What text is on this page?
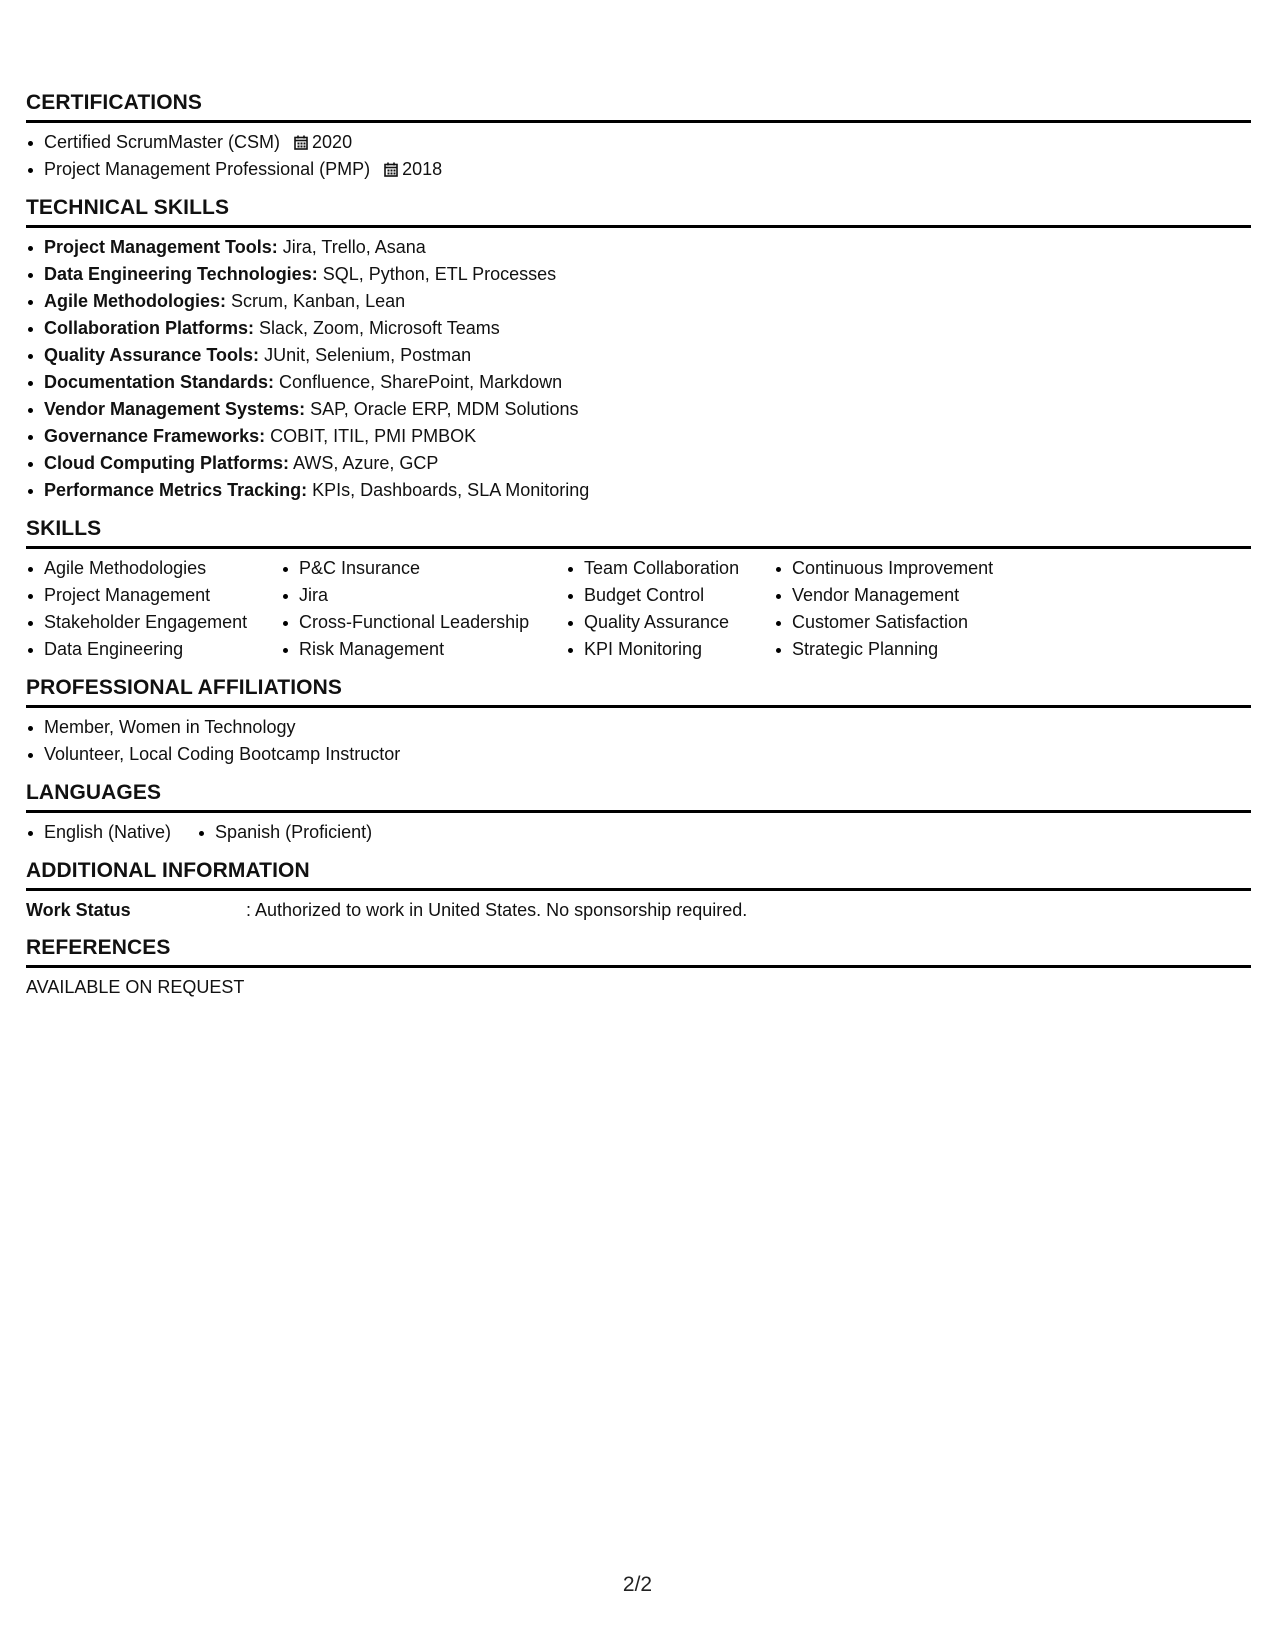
CERTIFICATIONS
Certified ScrumMaster (CSM) 2020
Project Management Professional (PMP) 2018
TECHNICAL SKILLS
Project Management Tools: Jira, Trello, Asana
Data Engineering Technologies: SQL, Python, ETL Processes
Agile Methodologies: Scrum, Kanban, Lean
Collaboration Platforms: Slack, Zoom, Microsoft Teams
Quality Assurance Tools: JUnit, Selenium, Postman
Documentation Standards: Confluence, SharePoint, Markdown
Vendor Management Systems: SAP, Oracle ERP, MDM Solutions
Governance Frameworks: COBIT, ITIL, PMI PMBOK
Cloud Computing Platforms: AWS, Azure, GCP
Performance Metrics Tracking: KPIs, Dashboards, SLA Monitoring
SKILLS
Agile Methodologies
Project Management
Stakeholder Engagement
Data Engineering
P&C Insurance
Jira
Cross-Functional Leadership
Risk Management
Team Collaboration
Budget Control
Quality Assurance
KPI Monitoring
Continuous Improvement
Vendor Management
Customer Satisfaction
Strategic Planning
PROFESSIONAL AFFILIATIONS
Member, Women in Technology
Volunteer, Local Coding Bootcamp Instructor
LANGUAGES
English (Native)	Spanish (Proficient)
ADDITIONAL INFORMATION
Work Status	: Authorized to work in United States. No sponsorship required.
REFERENCES
AVAILABLE ON REQUEST
2/2
